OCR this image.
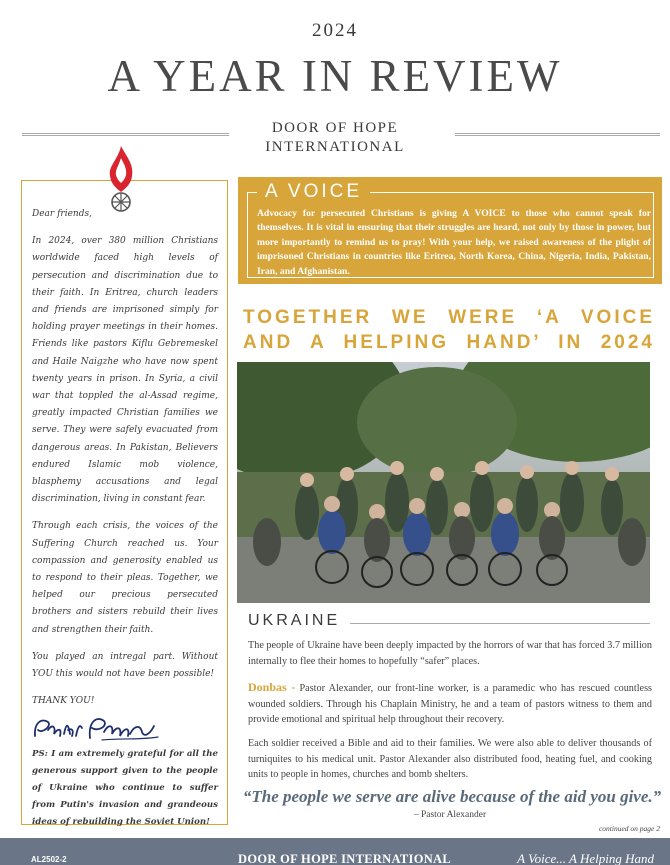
2024
A YEAR IN REVIEW
DOOR OF HOPE
INTERNATIONAL

Dear friends,

In 2024, over 380 million Christians worldwide faced high levels of persecution and discrimination due to their faith. In Eritrea, church leaders and friends are imprisoned simply for holding prayer meetings in their homes. Friends like pastors Kiflu Gebremeskel and Haile Naigzhe who have now spent twenty years in prison. In Syria, a civil war that toppled the al-Assad regime, greatly impacted Christian families we serve. They were safely evacuated from dangerous areas. In Pakistan, Believers endured Islamic mob violence, blasphemy accusations and legal discrimination, living in constant fear.

Through each crisis, the voices of the Suffering Church reached us. Your compassion and generosity enabled us to respond to their pleas. Together, we helped our precious persecuted brothers and sisters rebuild their lives and strengthen their faith.

You played an intregal part. Without YOU this would not have been possible!

THANK YOU!

PS: I am extremely grateful for all the generous support given to the people of Ukraine who continue to suffer from Putin's invasion and grandeous ideas of rebuilding the Soviet Union!

A VOICE
Advocacy for persecuted Christians is giving A VOICE to those who cannot speak for themselves. It is vital in ensuring that their struggles are heard, not only by those in power, but more importantly to remind us to pray! With your help, we raised awareness of the plight of imprisoned Christians in countries like Eritrea, North Korea, China, Nigeria, India, Pakistan, Iran, and Afghanistan.
TOGETHER WE WERE ‘A VOICE AND A HELPING HAND’ IN 2024
UKRAINE

The people of Ukraine have been deeply impacted by the horrors of war that has forced 3.7 million internally to flee their homes to hopefully “safer” places.

Donbas - Pastor Alexander, our front-line worker, is a paramedic who has rescued countless wounded soldiers. Through his Chaplain Ministry, he and a team of pastors witness to them and provide emotional and spiritual help throughout their recovery.

Each soldier received a Bible and aid to their families. We were also able to deliver thousands of turniquites to his medical unit. Pastor Alexander also distributed food, heating fuel, and cooking units to people in homes, churches and bomb shelters.

“The people we serve are alive because of the aid you give.”
– Pastor Alexander
continued on page 2
AL2502-2	DOOR OF HOPE INTERNATIONAL	A Voice... A Helping Hand
